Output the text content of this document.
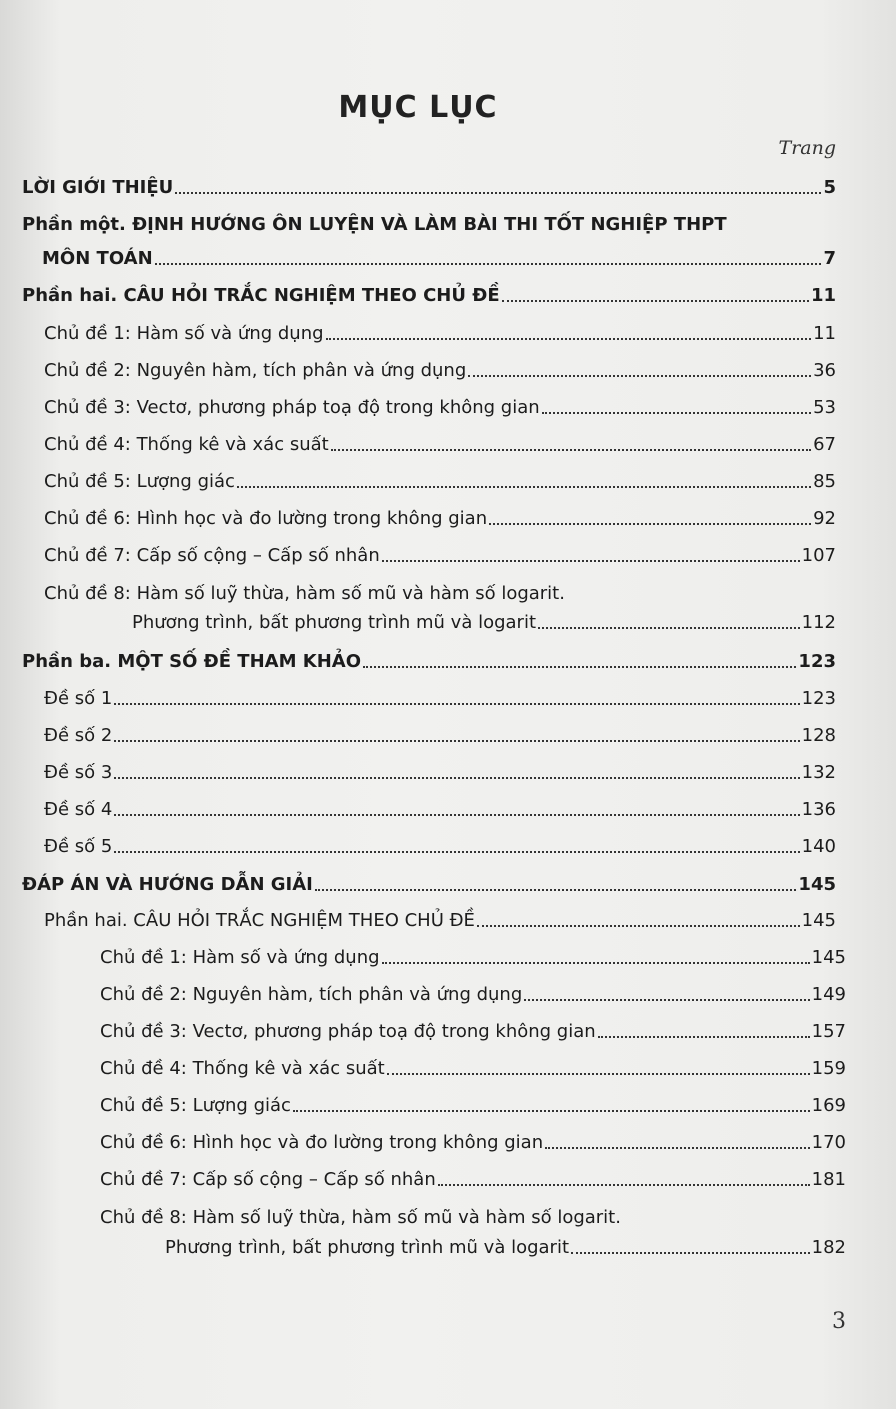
MỤC LỤC
Trang
LỜI GIỚI THIỆU	5
Phần một. ĐỊNH HƯỚNG ÔN LUYỆN VÀ LÀM BÀI THI TỐT NGHIỆP THPT
MÔN TOÁN	7
Phần hai. CÂU HỎI TRẮC NGHIỆM THEO CHỦ ĐỀ	11
Chủ đề 1: Hàm số và ứng dụng	11
Chủ đề 2: Nguyên hàm, tích phân và ứng dụng	36
Chủ đề 3: Vectơ, phương pháp toạ độ trong không gian	53
Chủ đề 4: Thống kê và xác suất	67
Chủ đề 5: Lượng giác	85
Chủ đề 6: Hình học và đo lường trong không gian	92
Chủ đề 7: Cấp số cộng – Cấp số nhân	107
Chủ đề 8: Hàm số luỹ thừa, hàm số mũ và hàm số logarit.
Phương trình, bất phương trình mũ và logarit	112
Phần ba. MỘT SỐ ĐỀ THAM KHẢO	123
Đề số 1	123
Đề số 2	128
Đề số 3	132
Đề số 4	136
Đề số 5	140
ĐÁP ÁN VÀ HƯỚNG DẪN GIẢI	145
Phần hai. CÂU HỎI TRẮC NGHIỆM THEO CHỦ ĐỀ	145
Chủ đề 1: Hàm số và ứng dụng	145
Chủ đề 2: Nguyên hàm, tích phân và ứng dụng	149
Chủ đề 3: Vectơ, phương pháp toạ độ trong không gian	157
Chủ đề 4: Thống kê và xác suất	159
Chủ đề 5: Lượng giác	169
Chủ đề 6: Hình học và đo lường trong không gian	170
Chủ đề 7: Cấp số cộng – Cấp số nhân	181
Chủ đề 8: Hàm số luỹ thừa, hàm số mũ và hàm số logarit.
Phương trình, bất phương trình mũ và logarit	182
3
